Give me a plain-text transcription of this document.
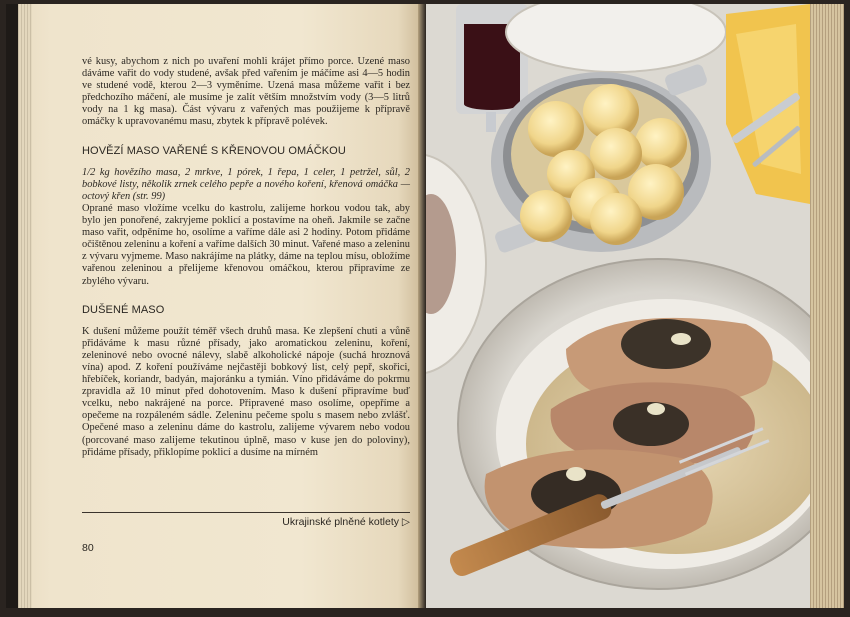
vé kusy, abychom z nich po uvaření mohli krájet přímo porce. Uzené maso dáváme vařit do vody studené, avšak před vařením je máčíme asi 4—5 hodin ve studené vodě, kterou 2—3 vyměníme. Uzená masa můžeme vařit i bez předchozího máčení, ale musíme je zalít větším množstvím vody (3—5 litrů vody na 1 kg masa). Část vývaru z vařených mas použijeme k přípravě omáčky k upravovanému masu, zbytek k přípravě polévek.

HOVĚZÍ MASO VAŘENÉ S KŘENOVOU OMÁČKOU

1/2 kg hovězího masa, 2 mrkve, 1 pórek, 1 řepa, 1 celer, 1 petržel, sůl, 2 bobkové listy, několik zrnek celého pepře a nového koření, křenová omáčka — octový křen (str. 99)

Oprané maso vložíme vcelku do kastrolu, zalijeme horkou vodou tak, aby bylo jen ponořené, zakryjeme poklicí a postavíme na oheň. Jakmile se začne maso vařit, odpěníme ho, osolíme a vaříme dále asi 2 hodiny. Potom přidáme očištěnou zeleninu a koření a vaříme dalších 30 minut. Vařené maso a zeleninu z vývaru vyjmeme. Maso nakrájíme na plátky, dáme na teplou mísu, obložíme vařenou zeleninou a přelijeme křenovou omáčkou, kterou připravíme ze zbylého vývaru.

DUŠENÉ MASO

K dušení můžeme použít téměř všech druhů masa. Ke zlepšení chuti a vůně přidáváme k masu různé přísady, jako aromatickou zeleninu, koření, zeleninové nebo ovocné nálevy, slabě alkoholické nápoje (suchá hroznová vína) apod. Z koření používáme nejčastěji bobkový list, celý pepř, skořici, hřebíček, koriandr, badyán, majoránku a tymián. Víno přidáváme do pokrmu zpravidla až 10 minut před dohotovením. Maso k dušení připravíme buď vcelku, nebo nakrájené na porce. Připravené maso osolíme, opepříme a opečeme na rozpáleném sádle. Zeleninu pečeme spolu s masem nebo zvlášť. Opečené maso a zeleninu dáme do kastrolu, zalijeme vývarem nebo vodou (porcované maso zalijeme tekutinou úplně, maso v kuse jen do poloviny), přidáme přísady, přiklopíme poklicí a dusíme na mírném

Ukrajinské plněné kotlety ▷
80
